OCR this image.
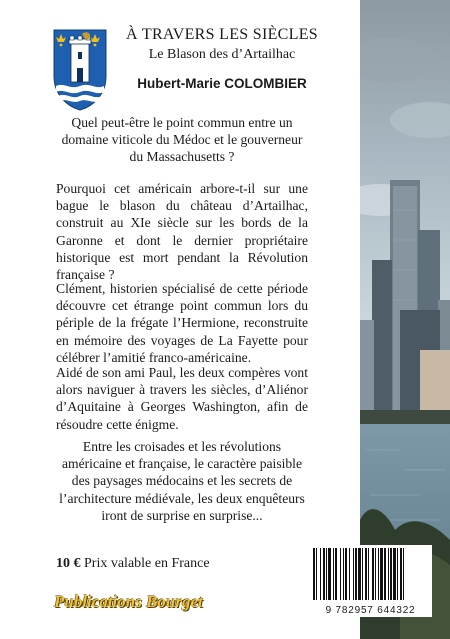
À TRAVERS LES SIÈCLES
Le Blason des d’Artailhac
Hubert-Marie COLOMBIER

Quel peut-être le point commun entre un domaine viticole du Médoc et le gouverneur du Massachusetts ?

Pourquoi cet américain arbore-t-il sur une bague le blason du château d’Artailhac, construit au XIe siècle sur les bords de la Garonne et dont le dernier propriétaire historique est mort pendant la Révolution française ?

Clément, historien spécialisé de cette période découvre cet étrange point commun lors du périple de la frégate l’Hermione, reconstruite en mémoire des voyages de La Fayette pour célébrer l’amitié franco-américaine.

Aidé de son ami Paul, les deux compères vont alors naviguer à travers les siècles, d’Aliénor d’Aquitaine à Georges Washington, afin de résoudre cette énigme.

Entre les croisades et les révolutions américaine et française, le caractère paisible des paysages médocains et les secrets de l’architecture médiévale, les deux enquêteurs iront de surprise en surprise...

10 € Prix valable en France
Publications Bourget	9 782957 644322
